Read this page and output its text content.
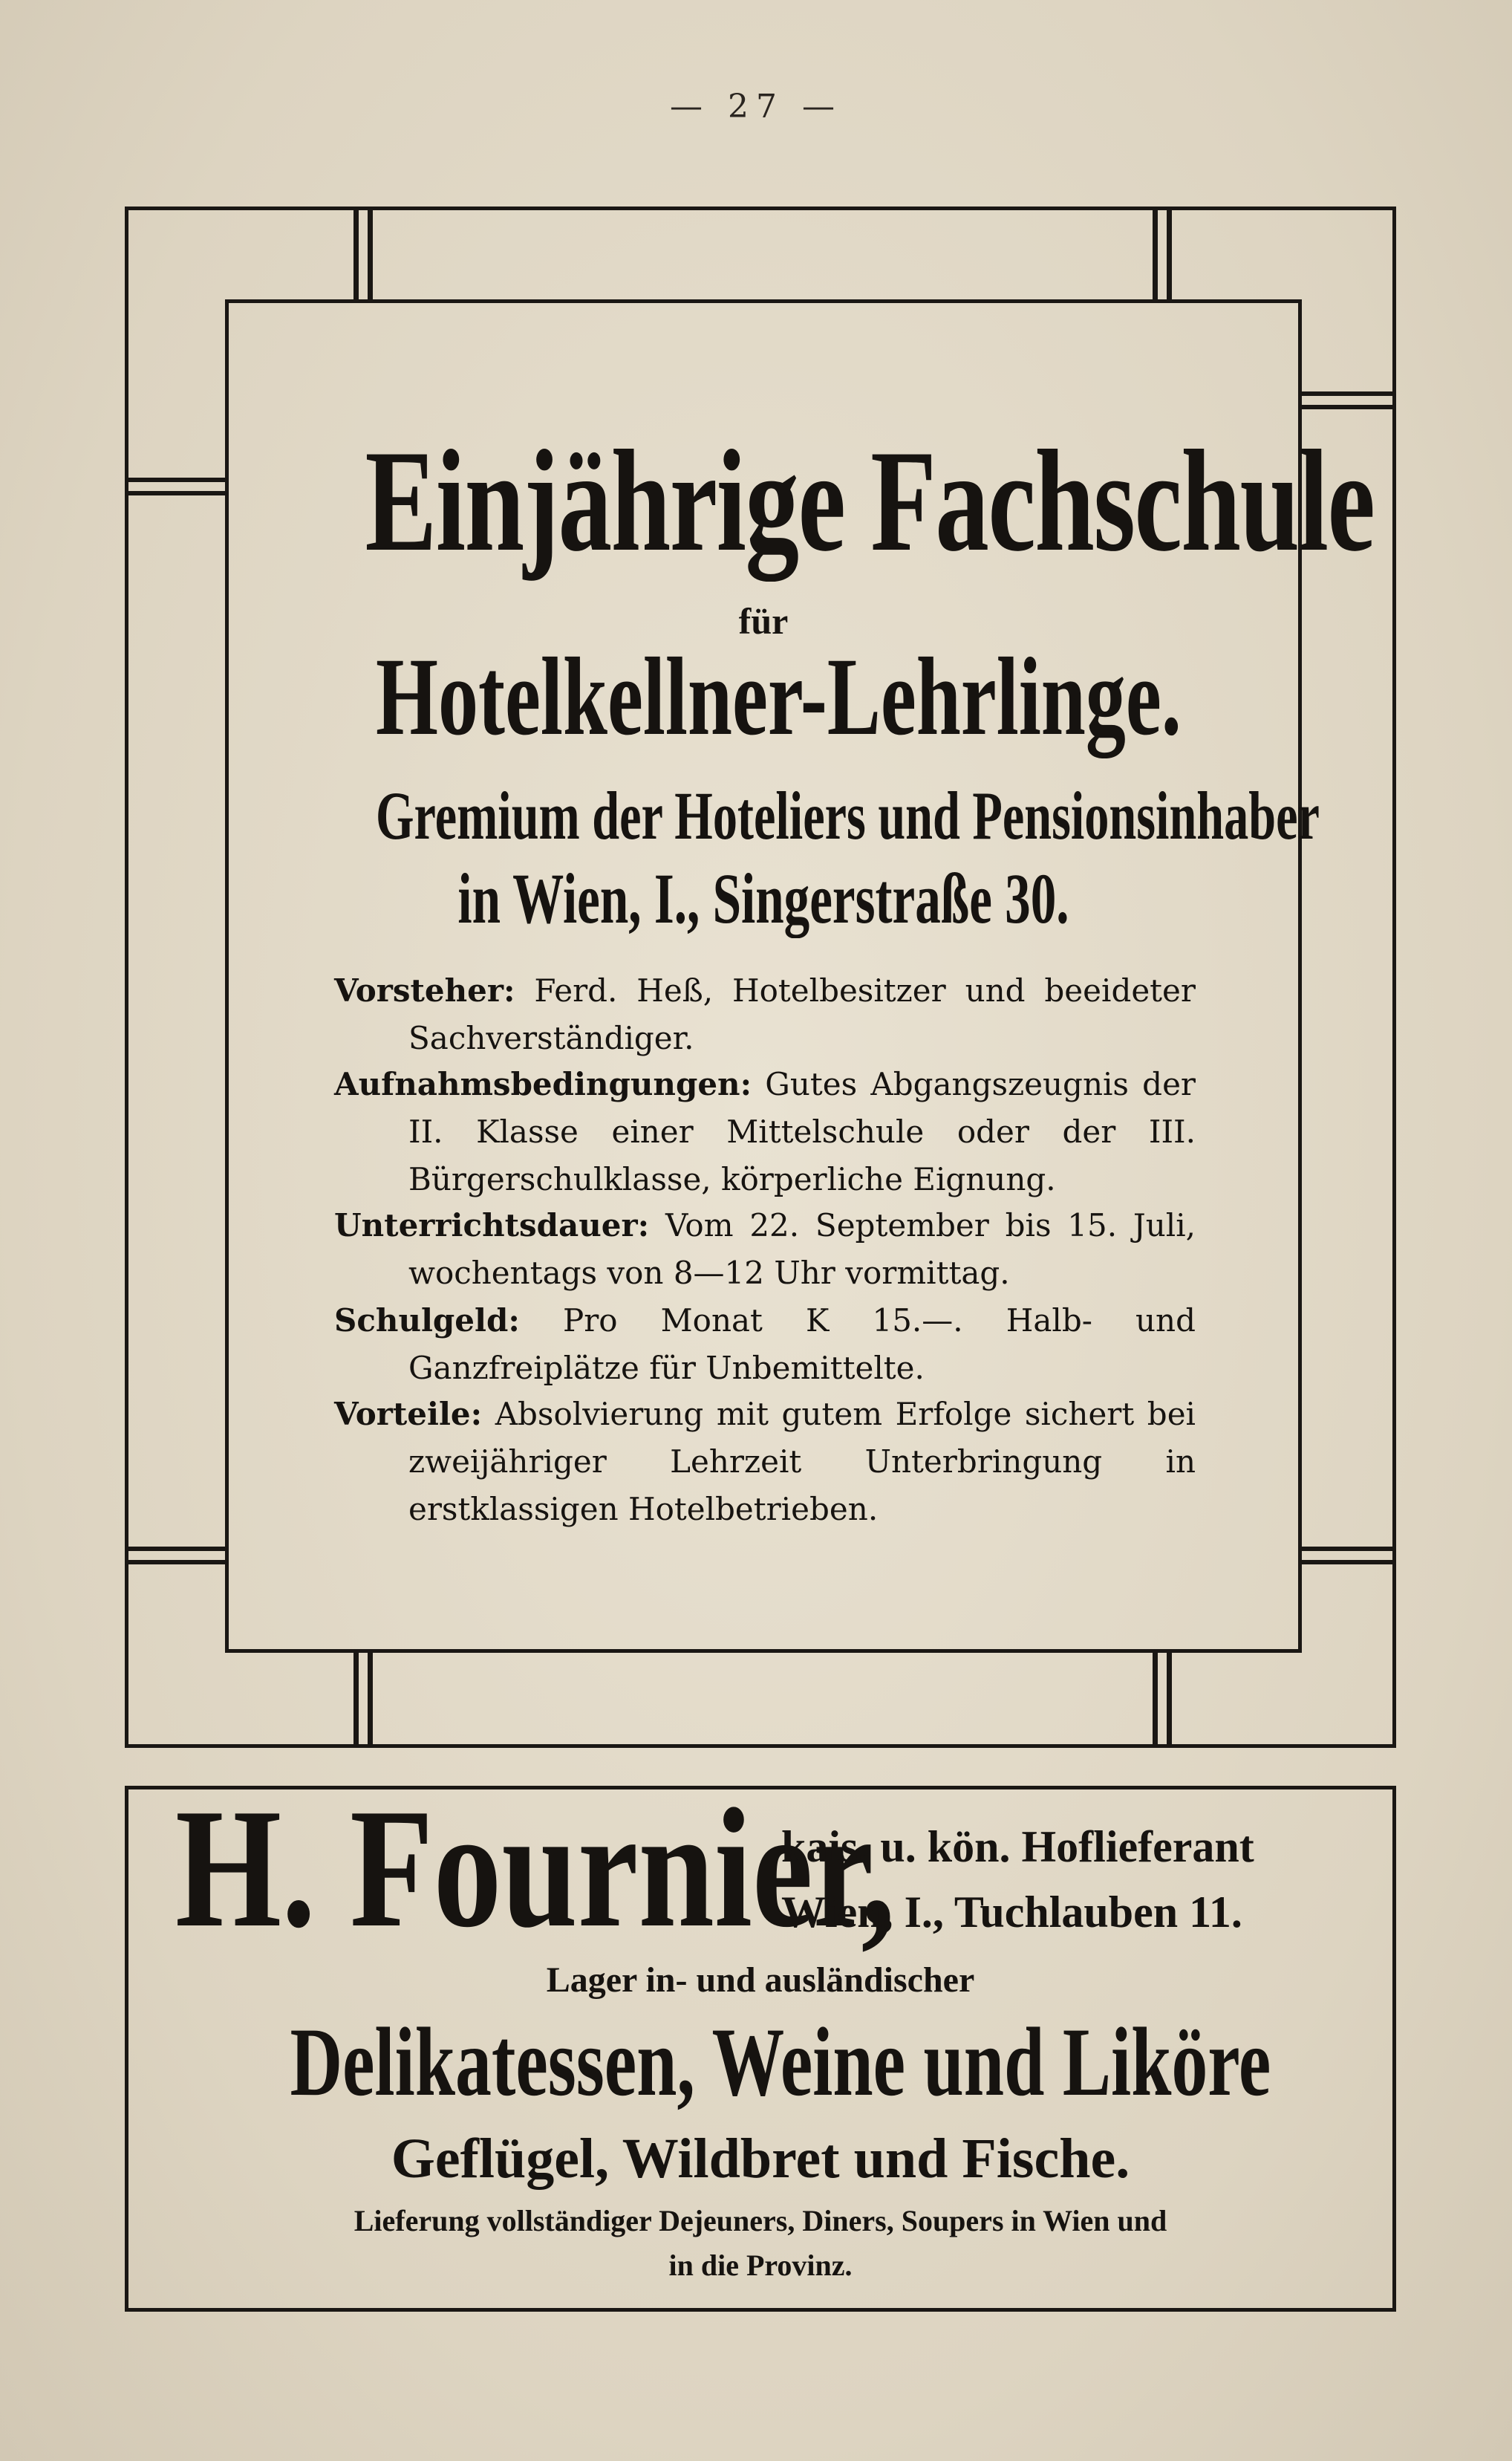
— 27 —
Einjährige Fachschule
für
Hotelkellner-Lehrlinge.
Gremium der Hoteliers und Pensionsinhaber
in Wien, I., Singerstraße 30.
Vorsteher: Ferd. Heß, Hotelbesitzer und beeideter Sachverständiger.
Aufnahmsbedingungen: Gutes Abgangszeugnis der II. Klasse einer Mittelschule oder der III. Bürgerschulklasse, körperliche Eignung.
Unterrichtsdauer: Vom 22. September bis 15. Juli, wochentags von 8—12 Uhr vormittag.
Schulgeld: Pro Monat K 15.—. Halb- und Ganzfreiplätze für Unbemittelte.
Vorteile: Absolvierung mit gutem Erfolge sichert bei zweijähriger Lehrzeit Unterbringung in erstklassigen Hotelbetrieben.
H. Fournier,
kais. u. kön. Hoflieferant
Wien, I., Tuchlauben 11.
Lager in- und ausländischer
Delikatessen, Weine und Liköre
Geflügel, Wildbret und Fische.
Lieferung vollständiger Dejeuners, Diners, Soupers in Wien und
in die Provinz.
